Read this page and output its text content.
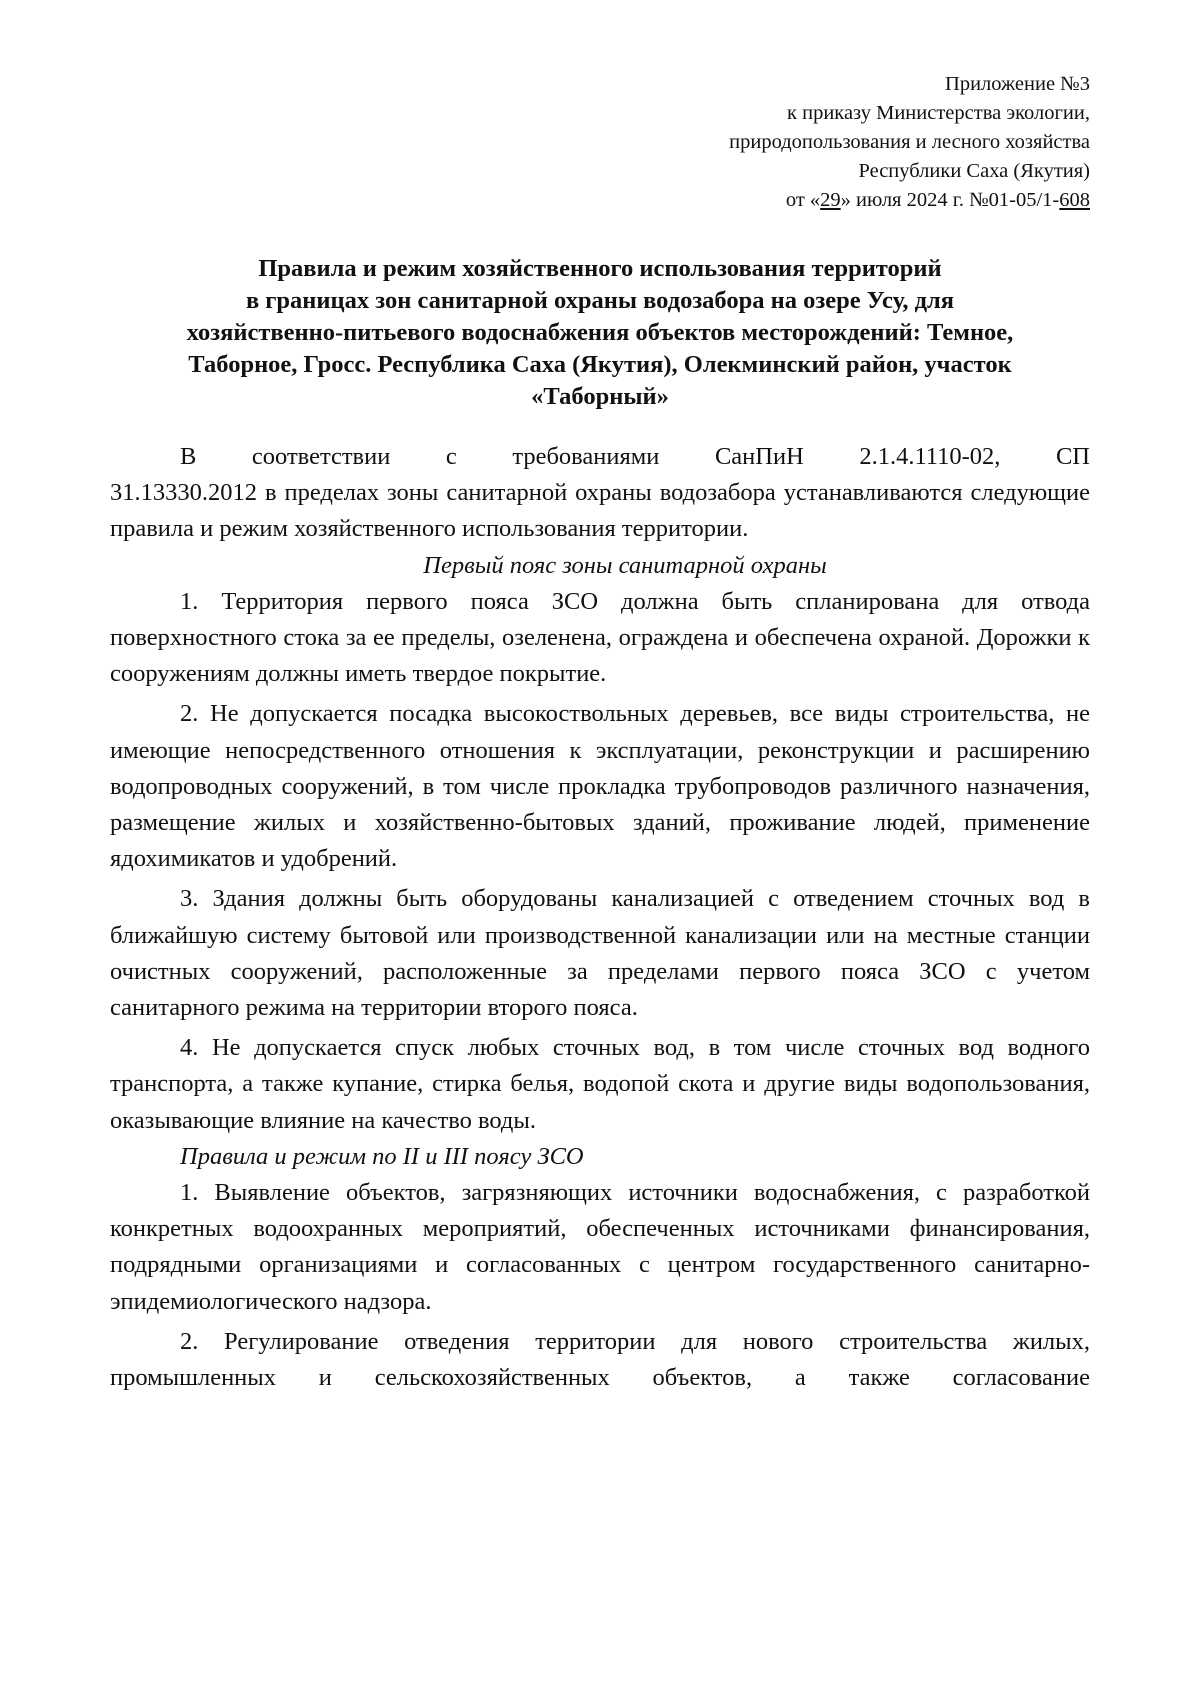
Приложение №3
к приказу Министерства экологии,
природопользования и лесного хозяйства
Республики Саха (Якутия)
от «29» июля 2024 г. №01-05/1-608
Правила и режим хозяйственного использования территорий
в границах зон санитарной охраны водозабора на озере Усу, для
хозяйственно-питьевого водоснабжения объектов месторождений: Темное,
Таборное, Гросс. Республика Саха (Якутия), Олекминский район, участок
«Таборный»

В соответствии с требованиями СанПиН 2.1.4.1110-02, СП

31.13330.2012 в пределах зоны санитарной охраны водозабора устанавливаются следующие правила и режим хозяйственного использования территории.

Первый пояс зоны санитарной охраны

1. Территория первого пояса ЗСО должна быть спланирована для отвода поверхностного стока за ее пределы, озеленена, ограждена и обеспечена охраной. Дорожки к сооружениям должны иметь твердое покрытие.

2. Не допускается посадка высокоствольных деревьев, все виды строительства, не имеющие непосредственного отношения к эксплуатации, реконструкции и расширению водопроводных сооружений, в том числе прокладка трубопроводов различного назначения, размещение жилых и хозяйственно-бытовых зданий, проживание людей, применение ядохимикатов и удобрений.

3. Здания должны быть оборудованы канализацией с отведением сточных вод в ближайшую систему бытовой или производственной канализации или на местные станции очистных сооружений, расположенные за пределами первого пояса ЗСО с учетом санитарного режима на территории второго пояса.

4. Не допускается спуск любых сточных вод, в том числе сточных вод водного транспорта, а также купание, стирка белья, водопой скота и другие виды водопользования, оказывающие влияние на качество воды.

Правила и режим по II и III поясу ЗСО

1. Выявление объектов, загрязняющих источники водоснабжения, с разработкой конкретных водоохранных мероприятий, обеспеченных источниками финансирования, подрядными организациями и согласованных с центром государственного санитарно-эпидемиологического надзора.

2. Регулирование отведения территории для нового строительства жилых, промышленных и сельскохозяйственных объектов, а также согласование
